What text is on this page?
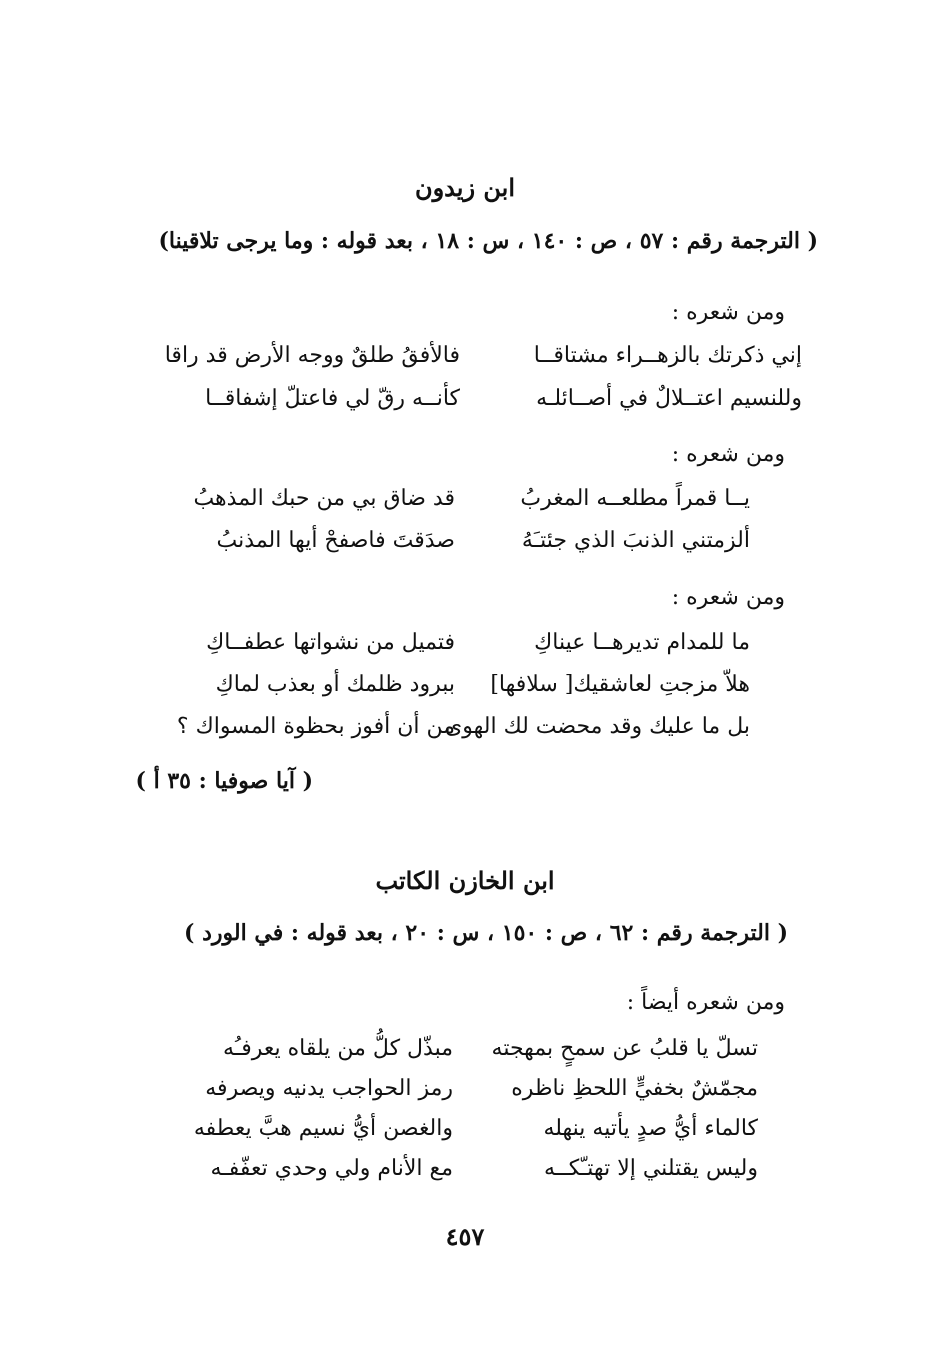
ابن زيدون
( الترجمة رقم : ٥٧ ، ص : ١٤٠ ، س : ١٨ ، بعد قوله : وما يرجى تلاقينا)
ومن شعره :
إني ذكرتك بالزهــراء مشتاقــا
فالأفقُ طلقٌ ووجه الأرض قد راقا
وللنسيم اعتــلالٌ في أصــائلـه
كأنــه رقّ لي فاعتلّ إشفاقــا
ومن شعره :
يــا قمراً مطلعــه المغربُ
قد ضاق بي من حبك المذهبُ
ألزمتني الذنبَ الذي جئتـَهُ
صدَقتَ فاصفحْ أيها المذنبُ
ومن شعره :
ما للمدام تديرهــا عيناكِ
فتميل من نشواتها عطفــاكِ
هلاّ مزجتِ لعاشقيك[ سلافها]
ببرود ظلمك أو بعذب لماكِ
بل ما عليك وقد محضت لك الهوى
من أن أفوز بحظوة المسواك ؟
( آيا صوفيا : ٣٥ أ )
ابن الخازن الكاتب
( الترجمة رقم : ٦٢ ، ص : ١٥٠ ، س : ٢٠ ، بعد قوله : في الورد )
ومن شعره أيضاً :
تسلّ يا قلبُ عن سمحٍ بمهجته
مبذّل كلُّ من يلقاه يعرفـُه
مجمّشٌ بخفيٍّ اللحظِ ناظره
رمز الحواجب يدنيه ويصرفه
كالماء أيُّ صدٍ يأتيه ينهله
والغصن أيُّ نسيم هبَّ يعطفه
وليس يقتلني إلا تهتـّكــه
مع الأنام ولي وحدي تعفّفـه
٤٥٧
